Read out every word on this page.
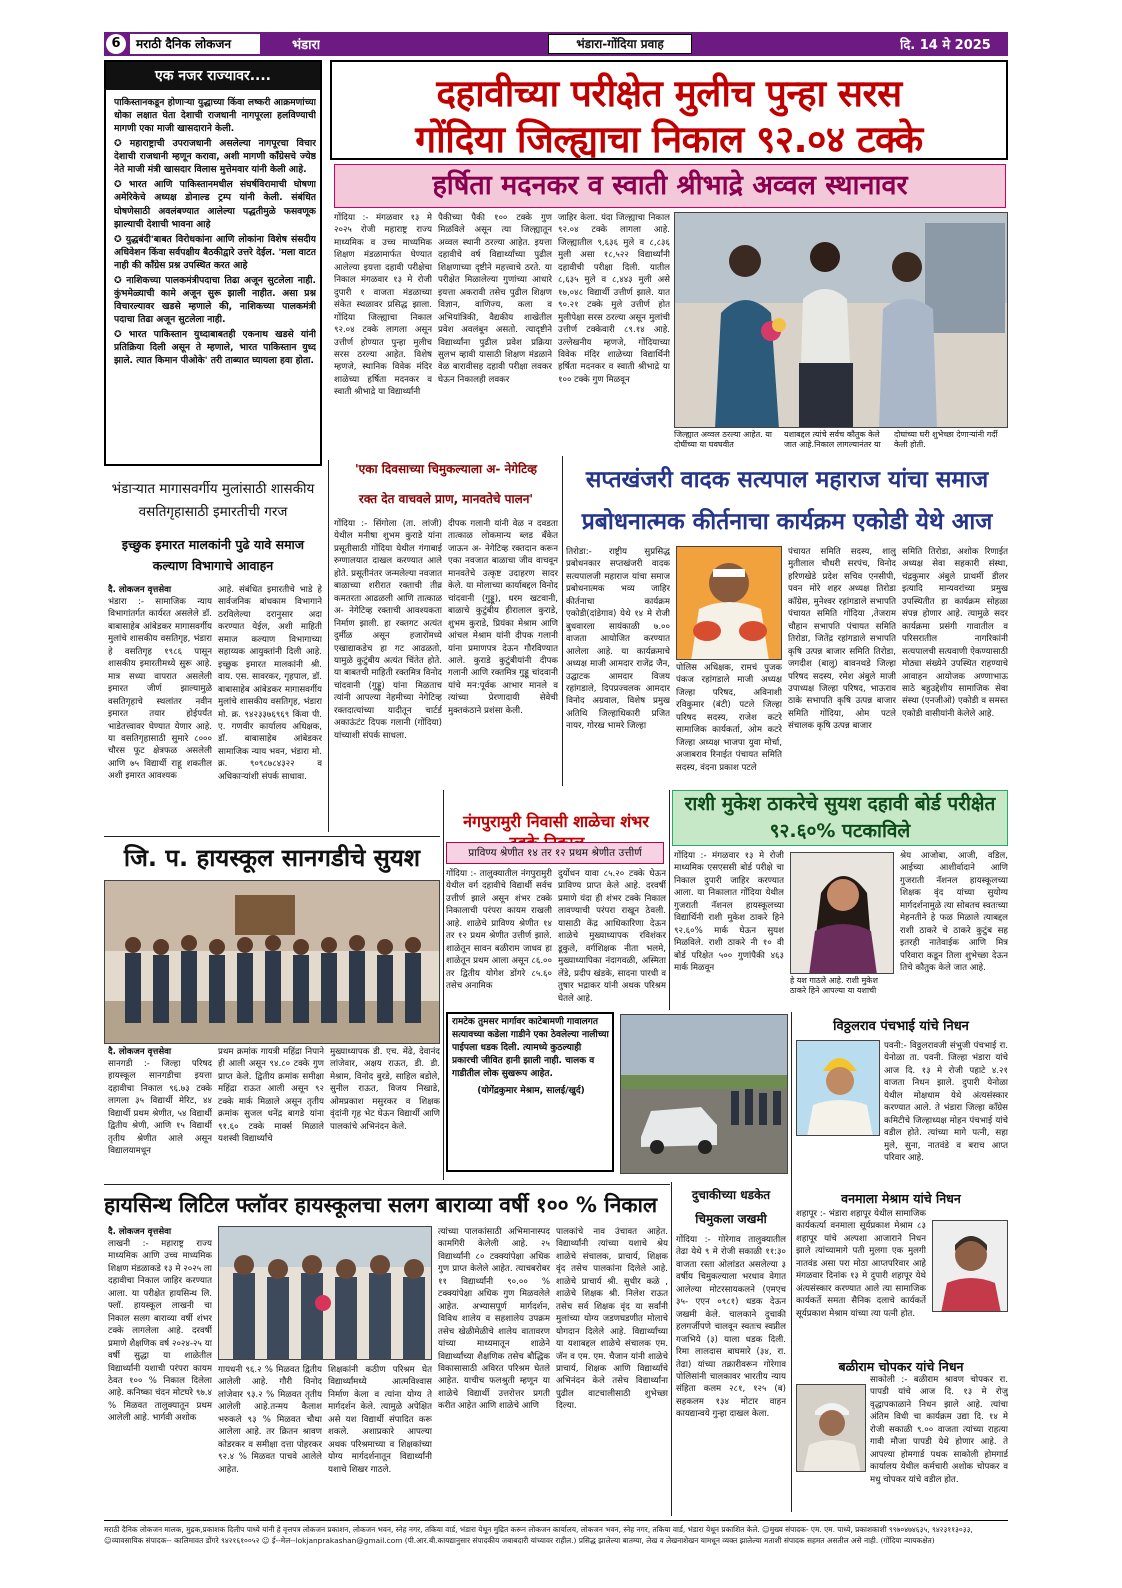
6	मराठी दैनिक लोकजन	भंडारा	भंडारा-गोंदिया प्रवाह	दि. 14 मे 2025
एक नजर राज्यावर....

पाकिस्तानकडून होणाऱ्या युद्धाच्या किंवा लष्करी आक्रमणांच्या धोका लक्षात घेता देशाची राजधानी नागपूरला हलविण्याची मागणी एका माजी खासदाराने केली.

✪ महाराष्ट्राची उपराजधानी असलेल्या नागपूरचा विचार देशाची राजधानी म्हणून करावा, अशी मागणी काँग्रेसचे ज्येष्ठ नेते माजी मंत्री खासदार विलास मुत्तेमवार यांनी केली आहे.

✪ भारत आणि पाकिस्तानमधील संघर्षविरामाची घोषणा अमेरिकेचे अध्यक्ष डोनाल्ड ट्रम्प यांनी केली. संबंधित घोषणेसाठी अवलंबण्यात आलेल्या पद्धतीमुळे फसवणूक झाल्याची देशाची भावना आहे

✪ युद्धबंदी'बाबत विरोधकांना आणि लोकांना विशेष संसदीय अधिवेशन किंवा सर्वपक्षीय बैठकीद्वारे उत्तरे देईल. 'मला वाटत नाही की काँग्रेस प्रश्न उपस्थित करत आहे

✪ नाशिकच्या पालकमंत्रीपदाचा तिढा अजून सुटलेला नाही. कुंभमेळ्याची कामे अजून सुरू झाली नाहीत. असा प्रश्न विचारल्यावर खडसे म्हणाले की, नाशिकच्या पालकमंत्री पदाचा तिढा अजून सुटलेला नाही.

✪ भारत पाकिस्तान युध्दाबाबतही एकनाथ खडसे यांनी प्रतिक्रिया दिली असून ते म्हणाले, भारत पाकिस्तान युध्द झाले. त्यात किमान पीओके' तरी ताब्यात घ्यायला हवा होता.

दहावीच्या परीक्षेत मुलीच पुन्हा सरस
गोंदिया जिल्ह्याचा निकाल ९२.०४ टक्के
हर्षिता मदनकर व स्वाती श्रीभाद्रे अव्वल स्थानावर
गोंदिया :- मंगळवार १३ मे २०२५ रोजी महाराष्ट्र राज्य माध्यमिक व उच्च माध्यमिक शिक्षण मंडळामार्फत घेण्यात आलेल्या इयत्ता दहावी परीक्षेचा निकाल मंगळवार १३ मे रोजी दुपारी १ वाजता मंडळाच्या संकेत स्थळावर प्रसिद्ध झाला. गोंदिया जिल्ह्याचा निकाल ९२.०४ टक्के लागला असून उत्तीर्ण होण्यात पुन्हा मुलीच सरस ठरल्या आहेत. विशेष म्हणजे, स्थानिक विवेक मंदिर शाळेच्या हर्षिता मदनकर व स्वाती श्रीभाद्रे या विद्यार्थ्यांनी
पैकीच्या पैकी १०० टक्के गुण मिळविले असून त्या जिल्ह्यातून अव्वल स्थानी ठरल्या आहेत. इयत्ता दहावीचे वर्ष विद्यार्थ्यांच्या पुढील शिक्षणाच्या दृष्टीने महत्त्वाचे ठरते. या परीक्षेत मिळालेल्या गुणांच्या आधारे इयत्ता अकरावी तसेच पुढील शिक्षण विज्ञान, वाणिज्य, कला व अभियांत्रिकी, वैद्यकीय शाखेतील प्रवेश अवलंबून असतो. त्यादृष्टीने विद्यार्थ्यांना पुढील प्रवेश प्रक्रिया सुलभ व्हावी यासाठी शिक्षण मंडळाने वेळ बारावीसह दहावी परीक्षा लवकर घेऊन निकालही लवकर
जाहिर केला. यंदा जिल्ह्याचा निकाल ९२.०४ टक्के लागला आहे. जिल्ह्यातील ९,६३६ मुले व ८,८३६ मुली असा १८,५२२ विद्यार्थ्यांनी दहावीची परीक्षा दिली. यातील ८,६३५ मुले व ८,४४३ मुली असे १७,०४८ विद्यार्थी उत्तीर्ण झाले. यात ९०.२१ टक्के मुले उत्तीर्ण होत मुलीपेक्षा सरस ठरल्या असून मुलांची उत्तीर्ण टक्केवारी ८९.१४ आहे. उल्लेखनीय म्हणजे, गोंदियाच्या विवेक मंदिर शाळेच्या विद्यार्थिनी हर्षिता मदनकर व स्वाती श्रीभाद्रे या १०० टक्के गुण मिळवून
जिल्ह्यात अव्वल ठरल्या आहेत. या दोघींच्या या घवघवीत
यशाबद्दल त्यांचे सर्वच कौतुक केले जात आहे.निकाल लागल्यानंतर या
दोघांच्या घरी शुभेच्छा देणाऱ्यांनी गर्दी केली होती.
भंडाऱ्यात मागासवर्गीय मुलांसाठी शासकीय वसतिगृहासाठी इमारतीची गरज
इच्छुक इमारत मालकांनी पुढे यावे समाज कल्याण विभागाचे आवाहन
दै. लोकजन वृत्तसेवा
भंडारा :- सामाजिक न्याय विभागांतर्गत कार्यरत असलेले डॉ. बाबासाहेब आंबेडकर मागासवर्गीय मुलांचे शासकीय वसतिगृह, भंडारा हे वसतिगृह १९८६ पासून शासकीय इमारतीमध्ये सुरू आहे. मात्र सध्या वापरात असलेली इमारत जीर्ण झाल्यामुळे वसतिगृहाचे स्थलांतर नवीन इमारत तयार होईपर्यंत भाडेतत्त्वावर घेण्यात येणार आहे. या वसतिगृहासाठी सुमारे ८००० चौरस फूट क्षेत्रफळ असलेली आणि ७५ विद्यार्थी राहू शकतील अशी इमारत आवश्यक
आहे. संबंधित इमारतीचे भाडे हे सार्वजनिक बांधकाम विभागाने ठरविलेल्या दरानुसार अदा करण्यात येईल, अशी माहिती समाज कल्याण विभागाच्या सहाय्यक आयुक्तांनी दिली आहे. इच्छुक इमारत मालकांनी श्री. वाय. एस. सावरकर, गृहपाल, डॉ. बाबासाहेब आंबेडकर मागासवर्गीय मुलांचे शासकीय वसतिगृह, भंडारा मो. क्र. ९४२३३७६९६९ किंवा पी. ए. गणवीर कार्यालय अधिक्षक, डॉ. बाबासाहेब आंबेडकर सामाजिक न्याय भवन, भंडारा मो. क्र. ९०९८७८४३२२ व अधिकाऱ्यांशी संपर्क साधावा.
'एका दिवसाच्या चिमुकल्याला अ- नेगेटिव्ह
रक्त देत वाचवले प्राण, मानवतेचे पालन'
गोंदिया :- सिंगोला (ता. लांजी) येथील मनीषा शुभम कुराडे यांना प्रसूतीसाठी गोंदिया येथील गंगाबाई रुग्णालयात दाखल करण्यात आले होते. प्रसूतीनंतर जन्मलेल्या नवजात बाळाच्या शरीरात रक्ताची तीव्र कमतरता आढळली आणि तात्काळ अ- नेगेटिव्ह रक्ताची आवश्यकता निर्माण झाली. हा रक्तगट अत्यंत दुर्मीळ असून हजारोंमध्ये एखाद्याकडेच हा गट आढळतो, यामुळे कुटुंबीय अत्यंत चिंतेत होते. या बाबतची माहिती रक्तमित्र विनोद चांदवानी (गुड्डू) यांना मिळताच त्यांनी आपल्या नेहमीच्या नेगेटिव्ह रक्तदात्यांच्या यादीतून चार्टर्ड अकाऊंटंट दिपक गलानी (गोंदिया) यांच्याशी संपर्क साधला.
दीपक गलानी यांनी वेळ न दवडता तात्काळ लोकमान्य ब्लड बँकेत जाऊन अ- नेगेटिव्ह रक्तदान करून एका नवजात बाळाचा जीव वाचवून मानवतेचे उत्कृष्ट उदाहरण सादर केले. या मोलाच्या कार्याबद्दल विनोद चांदवानी (गुड्डू), धरम खटवानी, बाळाचे कुटुंबीय हीरालाल कुराडे, शुभम कुराडे, प्रियंका मेश्राम आणि आंचल मेश्राम यांनी दीपक गलानी यांना प्रमाणपत्र देऊन गौरविण्यात आले. कुराडे कुटुंबीयांनी दीपक गलानी आणि रक्तमित्र गुड्डू चांदवानी यांचे मन:पूर्वक आभार मानले व त्यांच्या प्रेरणादायी सेवेची मुक्तकंठाने प्रशंसा केली.
सप्तखंजरी वादक सत्यपाल महाराज यांचा समाज
प्रबोधनात्मक कीर्तनाचा कार्यक्रम एकोडी येथे आज
तिरोडा:- राष्ट्रीय सुप्रसिद्ध प्रबोधनकार सप्तखंजरी वादक सत्यपालजी महाराज यांचा समाज प्रबोधनात्मक भव्य जाहिर कीर्तनाचा कार्यक्रम एकोडी(दांडेगाव) येथे १४ मे रोजी बुधवारला सायंकाळी ७.०० वाजता आयोजित करण्यात आलेला आहे. या कार्यक्रमाचे अध्यक्ष माजी आमदार राजेंद्र जैन, उद्घाटक आमदार विजय रहांगडाले, दिपप्रज्वलक आमदार विनोद अग्रवाल, विशेष प्रमुख अतिथि जिल्हाधिकारी प्रजित नायर, गोरख भामरे जिल्हा
पोलिस अधिक्षक, रामचं पुजक पंकज रहांगडाले माजी अध्यक्ष जिल्हा परिषद, अविनाशी रविकुमार (बंटी) पटले जिल्हा परिषद सदस्य, राजेश कटरे सामाजिक कार्यकर्ता, ओम कटरे जिल्हा अध्यक्ष भाजपा युवा मोर्चा, अजाबराव रिनाईत पंचायत समिति सदस्य, वंदना प्रकाश पटले
पंचायत समिति सदस्य, शालु मुतीलाल चौधरी सरपंच, विनोद हरिणखेडे प्रदेश सचिव एनसीपी, पवन मोरे शहर अध्यक्ष तिरोडा कॉग्रेस, मुनेश्वर रहांगडाले सभापति पंचायत समिति गोंदिया ,तेजराम चौहान सभापति पंचायत समिति तिरोडा, जितेंद्र रहांगडाले सभापति कृषि उत्पन्न बाजार समिति तिरोडा, जगदीश (बालु) बावनथडे जिल्हा परिषद सदस्य, रमेश अंबुले माजी उपाध्यक्ष जिल्हा परिषद, भाऊराव ठाके सभापति कृषि उत्पन्न बाजार समिति गोंदिया, ओम पटले संचालक कृषि उत्पन्न बाजार
समिति तिरोडा, अशोक रिणाईत अध्यक्ष सेवा सहकारी संस्था, चंद्रकुमार अंबुले प्राथर्मी डीलर इत्यादि मान्यवरांच्या प्रमुख उपस्थितीत हा कार्यक्रम सोहळा संपन्न होणार आहे. त्यामुळे सदर कार्यक्रमा प्रसंगी गावातील व परिसरातील नागरिकांनी सत्यपालची सत्यवाणी ऐकण्यासाठी मोठ्या संख्येने उपस्थित राहण्याचे आवाहन आयोजक अण्णाभाऊ साठे बहुउद्देशीय सामाजिक सेवा संस्था (एनजीओ) एकोडी व समस्त एकोडी वासीयांनी केलेले आहे.
जि. प. हायस्कूल सानगडीचे सुयश
दै. लोकजन वृत्तसेवा
सानगडी :- जिल्हा परिषद हायस्कूल सानगडीचा इयत्ता दहावीचा निकाल ९६.७३ टक्के लागला ३५ विद्यार्थी मेरिट, ४४ विद्यार्थी प्रथम श्रेणीत, ५४ विद्यार्थी द्वितीय श्रेणी, आणि १५ विद्यार्थी तृतीय श्रेणीत आले असून विद्यालयामधून
प्रथम क्रमांक गायत्री महिंद्रा निपाने ही आली असून ९४.८० टक्के गुण प्राप्त केले. द्वितीय क्रमांक समीक्षा महिंद्रा राऊत आली असून ९२ टक्के मार्क मिळाले असून तृतीय क्रमांक सुजल धनेंद्र बागडे यांना ९१.६० टक्के मार्क्स मिळाले यशस्वी विद्यार्थ्यांचे
मुख्याध्यापक डी. एच. मेंढे, देवानंद लांजेवार, अक्षय राऊत, डी. डी. मेश्राम, विनोद बुरडे, साहिल बडोले, सुनील राऊत, विजय निखाडे, ओमप्रकाश मसुरकर व शिक्षक वृंदांनी गृह भेट घेऊन विद्यार्थी आणि पालकांचे अभिनंदन केले.
नंगपुरामुरी निवासी शाळेचा शंभर
प्राविण्य श्रेणीत १४ तर १२ प्रथम श्रेणीत उत्तीर्ण
गोंदिया :- तालुक्यातील नंगपुरामुरी येथील वर्ग दहावीचे विद्यार्थी सर्वच उत्तीर्ण झाले असून शंभर टक्के निकालाची परंपरा कायम राखली आहे. शाळेचे प्राविण्य श्रेणीत १४ तर १२ प्रथम श्रेणीत उत्तीर्ण झाले. शाळेतून सावन बळीराम जाधव हा शाळेतून प्रथम आला असून ८६.०० तर द्वितीय योगेश डोंगरे ८५.६० तसेच अनामिक
दुर्योधन यावा ८५.२० टक्के घेऊन प्राविण्य प्राप्त केले आहे. दरवर्षी प्रमाणे यंदा ही शंभर टक्के निकाल लावण्याची परंपरा राखून ठेवली. यासाठी केंद्र आधिकारिणा देऊन शाळेचे मुख्याध्यापक रविशंकर डूकुले, वर्गशिक्षक नीता भलमे, मुख्याध्यापिका नंदागवळी, अस्मिता लेंडे, प्रदीप खंडके, सादना पारधी व तुषार भद्राकर यांनी अथक परिश्रम घेतले आहे.
राशी मुकेश ठाकरेचे सुयश दहावी बोर्ड परीक्षेत ९२.६०% पटकाविले
गोंदिया :- मंगळवार १३ मे रोजी माध्यमिक एसएससी बोर्ड परीक्षे चा निकाल दुपारी जाहिर करण्यात आला. या निकालात गोंदिया येथील गुजराती नॅशनल हायस्कूलच्या विद्यार्थिनी राशी मुकेश ठाकरे हिने ९२.६०% मार्क घेऊन सुयश मिळविले. राशी ठाकरे नी १० वी बोर्ड परिक्षेत ५०० गुणांपैकी ४६३ मार्क मिळवून
हे यश गाठले आहे. राशी मुकेश ठाकरे हिने आपल्या या यशाची
श्रेय आजोबा, आजी, वडिल, आईच्या आशीर्वादाने आणि गुजराती नॅशनल हायस्कूलच्या शिक्षक वृंद यांच्या सुयोग्य मार्गदर्शनामुळे त्या सोबतच स्वतःच्या मेहनतीने हे फळ मिळाले त्याबद्दल राशी ठाकरे चे ठाकरे कुटुंब सह इतरही नातेवाईक आणि मित्र परिवारा कडून तिला शुभेच्छा देऊन तिचे कौतुक केले जात आहे.
रामटेक तुमसर मार्गावर काटेबामणी गावालगत सत्यावच्या कडेला गाडीने एका ठेवलेल्या नालीच्या पाईपला धडक दिली. त्यामध्ये कुठल्याही प्रकारची जीवित हानी झाली नाही. चालक व गाडीतील लोक सुखरूप आहेत.
(योगेंद्रकुमार मेश्राम, सालई/खुर्द)
विठ्ठलराव पंचभाई यांचे निधन
पवनी:- विठ्ठलरावजी संभुजी पंचभाई रा. येनोळा ता. पवनी. जिल्हा भंडारा यांचे आज दि. १३ मे रोजी पहाटे ४.२१ वाजता निधन झाले. दुपारी येनोळा येथील मोक्षधाम येथे अंत्यसंस्कार करण्यात आले. ते भंडारा जिल्हा काँग्रेस कमिटीचे जिल्हाध्यक्ष मोहन पंचभाई यांचे वडील होते. त्यांच्या मागे पत्नी, सहा मुले, सुना, नातवंडे व बराच आप्त परिवार आहे.
वनमाला मेश्राम यांचे निधन
शहापूर :- भंडारा शहापूर येथील सामाजिक कार्यकर्त्या वनमाला सूर्यप्रकाश मेश्राम ८३ शहापूर यांचे अल्पशा आजाराने निधन झाले त्यांच्यामागे पती मुलगा एक मुलगी नातवंड असा परा मोठा आप्तपरिवार आहे मंगळवार दिनांक १३ मे दुपारी शहापूर येथे अंत्यसंस्कार करण्यात आले त्या सामाजिक कार्यकर्ते समता सैनिक दलाचे कार्यकर्ते सूर्यप्रकाश मेश्राम यांच्या त्या पत्नी होत.
बळीराम चोपकर यांचे निधन
साकोली :- बळीराम श्रावण चोपकर रा. पापडी यांचे आज दि. १३ मे रोजु वृद्धापकाळाने निधन झाले आहे. त्यांचा अंतिम विधी चा कार्यक्रम उद्या दि. १४ मे रोजी सकाळी ९.०० वाजता त्यांच्या राहत्या गावी मौजा पापडी येथे होणार आहे. ते आपल्या होमगार्ड पथक साकोली होमगार्ड कार्यालय येथील कर्मचारी अशोक चोपकर व मधु चोपकर यांचे वडील होत.
हायसिन्थ लिटिल फ्लॉवर हायस्कूलचा सलग बाराव्या वर्षी १०० % निकाल
दै. लोकजन वृत्तसेवा
लाखनी :- महाराष्ट्र राज्य माध्यमिक आणि उच्च माध्यमिक शिक्षण मंडळाकडे १३ मे २०२५ ला दहावीचा निकाल जाहिर करण्यात आला. या परीक्षेत हायसिन्थ लि. फ्लॉ. हायस्कूल लाखनी चा निकाल सलग बाराव्या वर्षी शंभर टक्के लागलेला आहे. दरवर्षी प्रमाणे शैक्षणिक वर्ष २०२४-२५ या वर्षी सुद्धा या शाळेतील विद्यार्थ्यांनी यशाची परंपरा कायम ठेवत १०० % निकाल दिलेला आहे. कनिष्का चंदन मोटघरे ९७.४ % मिळवत तालुक्यातून प्रथम आलेली आहे. भार्गवी अशोक
गायधनी ९६.२ % मिळवत द्वितीय आलेली आहे. गौरी विनोद लांजेवार ९३.२ % मिळवत तृतीय आलेली आहे.तन्मय कैलाश भरुकले ९३ % मिळवत चौथा आलेला आहे. तर क्रितन श्रावण कोडरकर व समीक्षा दत्ता पोहरकर ९२.४ % मिळवत पाचवे आलेले आहेत.
शिक्षकांनी कठीण परिश्रम घेत विद्यार्थ्यांमध्ये आत्मविश्वास निर्माण केला व त्यांना योग्य ते मार्गदर्शन केले. त्यामुळे अपेक्षित असे यश विद्यार्थी संपादित करू शकले. अशाप्रकारे आपल्या अथक परिश्रमाच्या व शिक्षकांच्या योग्य मार्गदर्शनातून विद्यार्थ्यांनी यशाचे शिखर गाठले.
त्यांच्या पालकांसाठी अभिमानास्पद कामगिरी केलेली आहे. २५ विद्यार्थ्यांनी ८० टक्क्यांपेक्षा अधिक गुण प्राप्त केलेले आहेत. त्याचबरोबर ११ विद्यार्थ्यांनी ९०.०० % टक्क्यांपेक्षा अधिक गुण मिळवलेले आहेत. अभ्यासपूर्ण मार्गदर्शन, विविध शालेय व सहशालेय उपक्रम तसेच खेळीमेळीचे शालेय वातावरण यांच्या माध्यमातून शाळेने विद्यार्थ्यांच्या शैक्षणिक तसेच बौद्धिक विकासासाठी अविरत परिश्रम घेतले आहेत. याचीच फलश्रुती म्हणून या शाळेचे विद्यार्थी उत्तरोत्तर प्रगती करीत आहेत आणि शाळेचे आणि
पालकांचे नाव उंचावत आहेत. विद्यार्थ्यांनी त्यांच्या यशाचे श्रेय शाळेचे संचालक, प्राचार्य, शिक्षक वृंद तसेच पालकांना दिलेले आहे. शाळेचे प्राचार्य श्री. सुधीर कळे , शाळेचे शिक्षक श्री. निलेश राऊत तसेच सर्व शिक्षक वृंद या सर्वांनी मुलांच्या योग्य जडणघडणीत मोलाचे योगदान दिलेले आहे. विद्यार्थ्यांच्या या यशाबद्दल शाळेचे संचालक एम. जॅन व एम. एम. चैजान यांनी शाळेचे प्राचार्य, शिक्षक आणि विद्यार्थ्यांचे अभिनंदन केले तसेच विद्यार्थ्यांना पुढील वाटचालीसाठी शुभेच्छा दिल्या.
दुचाकीच्या धडकेत
चिमुकला जखमी
गोंदिया :- गोरेगाव तालुक्यातील तेढा येथे ९ मे रोजी सकाळी ११:३० वाजता रस्ता ओलांडत असलेल्या ३ वर्षीय चिमुकल्याला भरधाव वेगात आलेल्या मोटरसायकलने (एमएच ३५- एएन ०९८१) धडक देऊन जखमी केले. चालकाने दुचाकी हलगर्जीपणे चालवून स्वतःच स्वप्नील गजभिये (३) याला धडक दिली. रिमा लालदास बाघमारे (३४, रा. तेढा) यांच्या तक्रारीवरून गोरेगाव पोलिसांनी चालकावर भारतीय न्याय संहिता कलम २८१, १२५ (ब) सहकलम १३४ मोटार वाहन कायद्यान्वये गुन्हा दाखल केला.
मराठी दैनिक लोकजन मालक, मुद्रक,प्रकाशक दिलीप पाध्ये यांनी हे वृत्तपत्र लोकजन प्रकाशन, लोकजन भवन, स्नेह नगर, तकिया वार्ड, भंडारा येथून मुद्रित करून लोकजन कार्यालय, लोकजन भवन, स्नेह नगर, तकिया वार्ड, भंडारा येथून प्रकाशित केले. ☺मुख्य संपादक- एम. एम. पाध्ये, प्रकाशकाशी ९९७०४७४६३५, ९४२३११३०३३,
☺व्यावसायिक संपादक-- कालिमावत डोंगरे ९४२१६१००५२ ☺ ई--मेल--lokjanprakashan@gmail.com (पी.आर.बी.कायद्यानुसार संपादकीय जबाबदारी यांच्यावर राहील.) प्रसिद्ध झालेल्या बातम्या, लेख व लेखनाशेखन यामधून व्यक्त झालेल्या मताशी संपादक सहमत असतील असे नाही. (गोंदिया न्यायकक्षेत)
